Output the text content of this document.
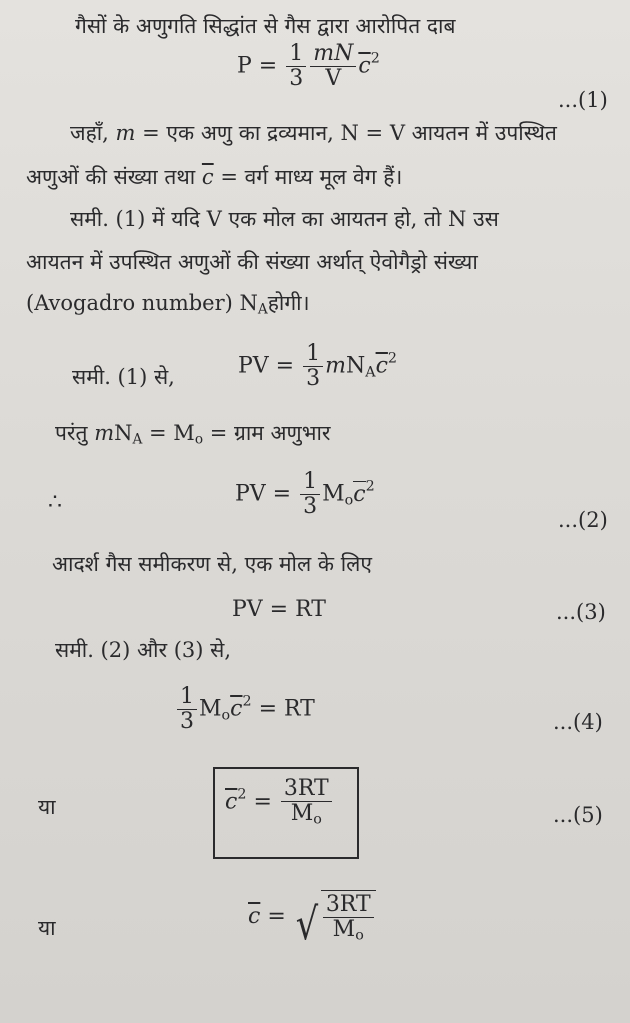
गैसों के अणुगति सिद्धांत से गैस द्वारा आरोपित दाब
$P = \frac{1}{3} \frac{mN}{V} \overline{c}^2$
...(1)
जहाँ, m = एक अणु का द्रव्यमान, N = V आयतन में उपस्थित
अणुओं की संख्या तथा $\overline{c}$ = वर्ग माध्य मूल वेग हैं।
समी. (1) में यदि V एक मोल का आयतन हो, तो N उस
आयतन में उपस्थित अणुओं की संख्या अर्थात् ऐवोगैड्रो संख्या
(Avogadro number) $N_Aहोगी।$
समी. (1) से,	PV = $\frac{1}{3} mN_A\overline{c}^2$
परंतु $mN_A = M_o$ = ग्राम अणुभार
∴	PV = $\frac{1}{3} M_oc^2$
...(2)
आदर्श गैस समीकरण से, एक मोल के लिए
PV = RT	...(3)
समी. (2) और (3) से,
$\frac{1}{3} M_o\overline{c}^2$ = RT
...(4)
या	$\overline{c}^2 = \frac{3RT}{M_o}$	...(5)
या	$\overline{c}$ = √ $\frac{3RT}{M_o}$
